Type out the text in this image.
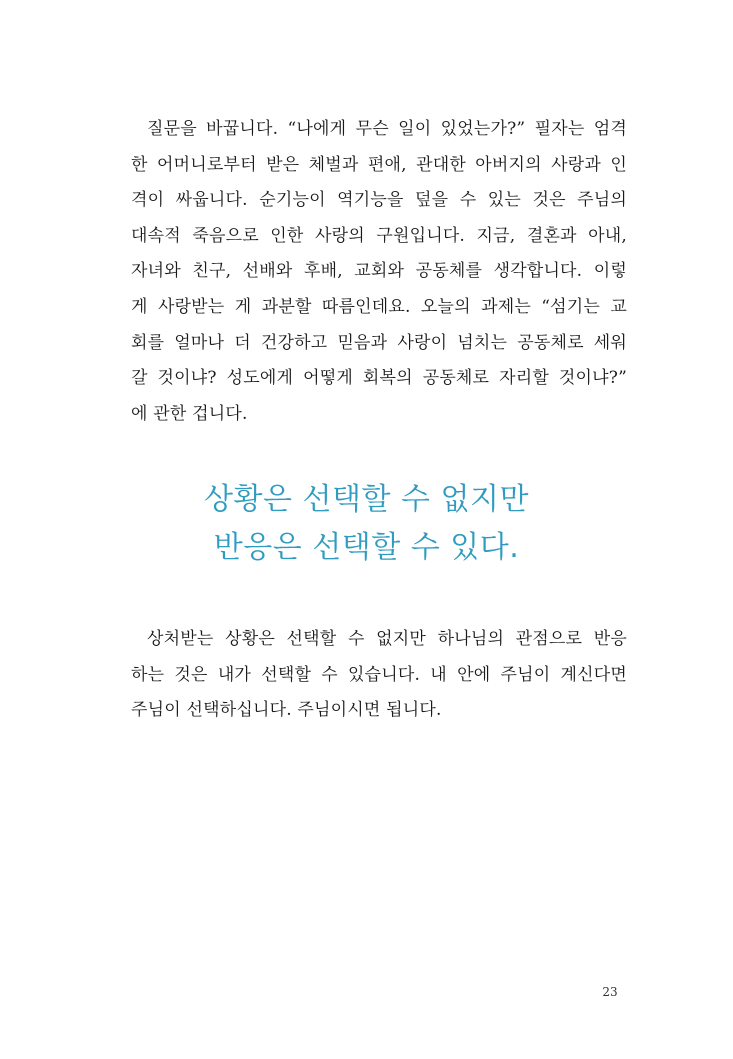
질문을 바꿉니다. “나에게 무슨 일이 있었는가?” 필자는 엄격
한 어머니로부터 받은 체벌과 편애, 관대한 아버지의 사랑과 인
격이 싸웁니다. 순기능이 역기능을 덮을 수 있는 것은 주님의
대속적 죽음으로 인한 사랑의 구원입니다. 지금, 결혼과 아내,
자녀와 친구, 선배와 후배, 교회와 공동체를 생각합니다. 이렇
게 사랑받는 게 과분할 따름인데요. 오늘의 과제는 “섬기는 교
회를 얼마나 더 건강하고 믿음과 사랑이 넘치는 공동체로 세워
갈 것이냐? 성도에게 어떻게 회복의 공동체로 자리할 것이냐?”
에 관한 겁니다.
상황은 선택할 수 없지만
반응은 선택할 수 있다.
상처받는 상황은 선택할 수 없지만 하나님의 관점으로 반응
하는 것은 내가 선택할 수 있습니다. 내 안에 주님이 계신다면
주님이 선택하십니다. 주님이시면 됩니다.
23
